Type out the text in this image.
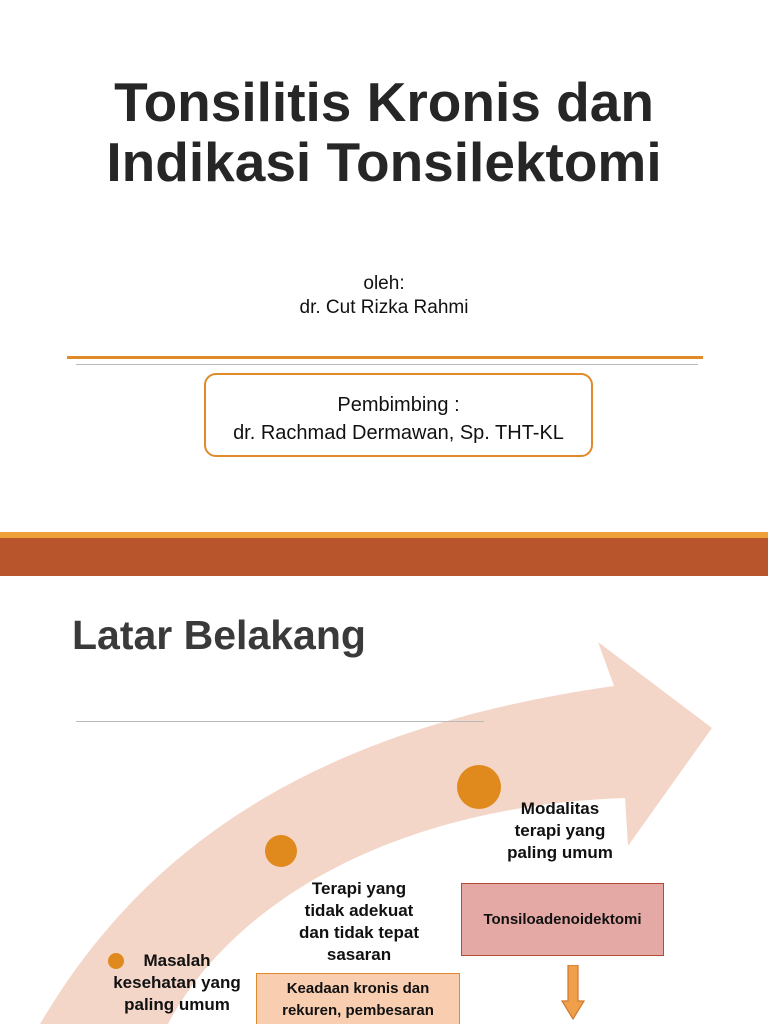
Tonsilitis Kronis dan
Indikasi Tonsilektomi
oleh:
dr. Cut Rizka Rahmi
Pembimbing :
dr. Rachmad Dermawan, Sp. THT-KL
Latar Belakang
Masalah
kesehatan yang
paling umum
Terapi yang
tidak adekuat
dan tidak tepat
sasaran
Modalitas
terapi yang
paling umum
Tonsiloadenoidektomi
Keadaan kronis dan
rekuren, pembesaran
